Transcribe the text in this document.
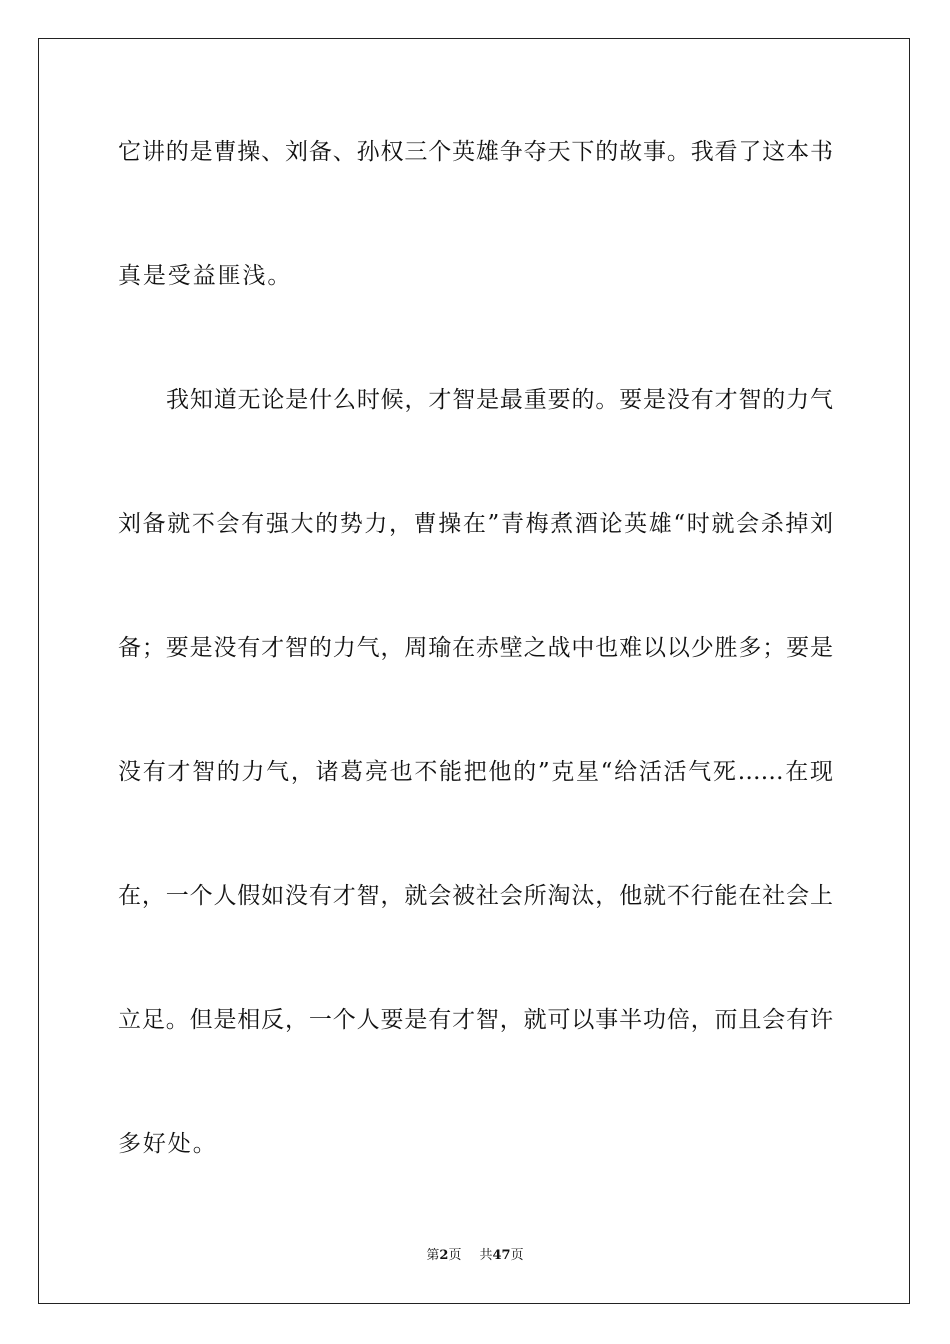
它讲的是曹操、刘备、孙权三个英雄争夺天下的故事。我看了这本书
真是受益匪浅。
我知道无论是什么时候，才智是最重要的。要是没有才智的力气
刘备就不会有强大的势力，曹操在”青梅煮酒论英雄“时就会杀掉刘
备；要是没有才智的力气，周瑜在赤壁之战中也难以以少胜多；要是
没有才智的力气，诸葛亮也不能把他的”克星“给活活气死……在现
在，一个人假如没有才智，就会被社会所淘汰，他就不行能在社会上
立足。但是相反，一个人要是有才智，就可以事半功倍，而且会有许
多好处。
第2页 共47页
